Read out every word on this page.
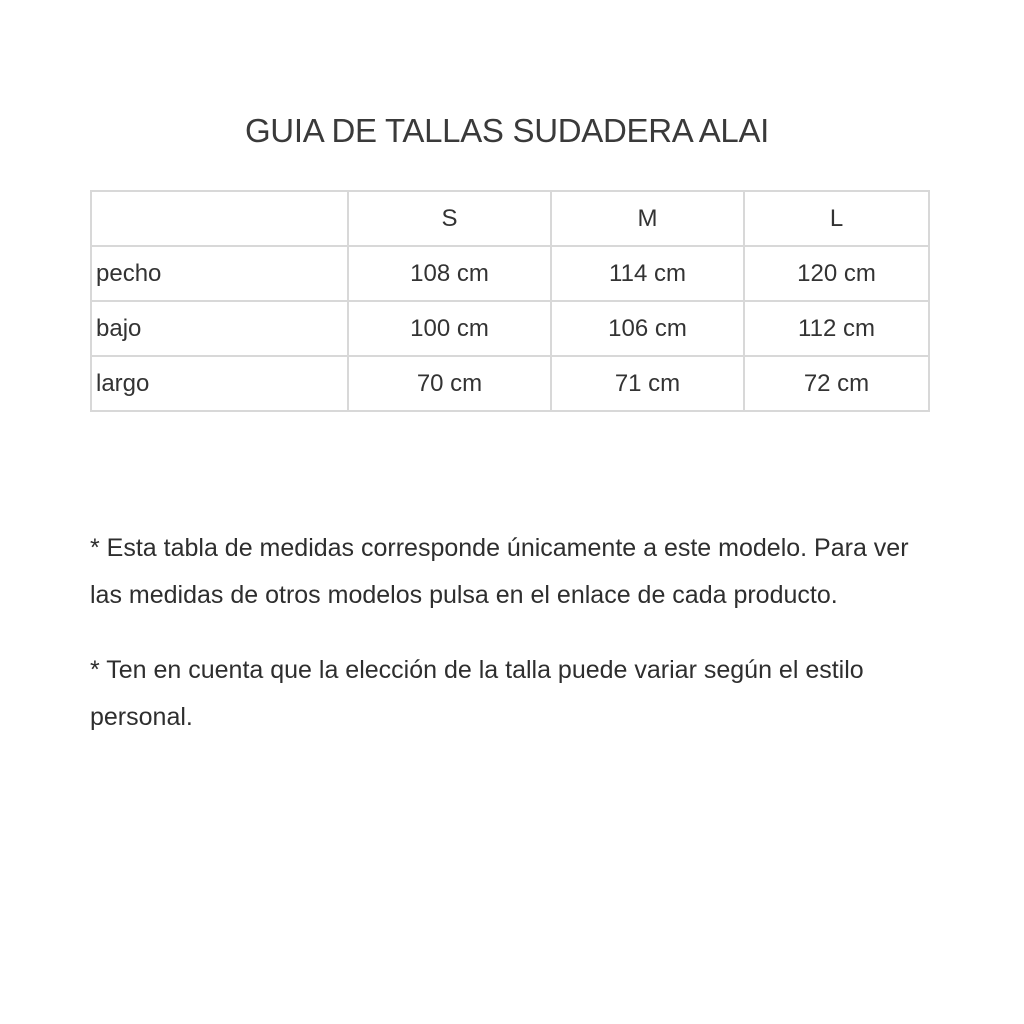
GUIA DE TALLAS SUDADERA ALAI
	S	M	L
pecho	108 cm	114 cm	120 cm
bajo	100 cm	106 cm	112 cm
largo	70 cm	71 cm	72 cm

* Esta tabla de medidas corresponde únicamente a este modelo. Para ver las medidas de otros modelos pulsa en el enlace de cada producto.

* Ten en cuenta que la elección de la talla puede variar según el estilo personal.
